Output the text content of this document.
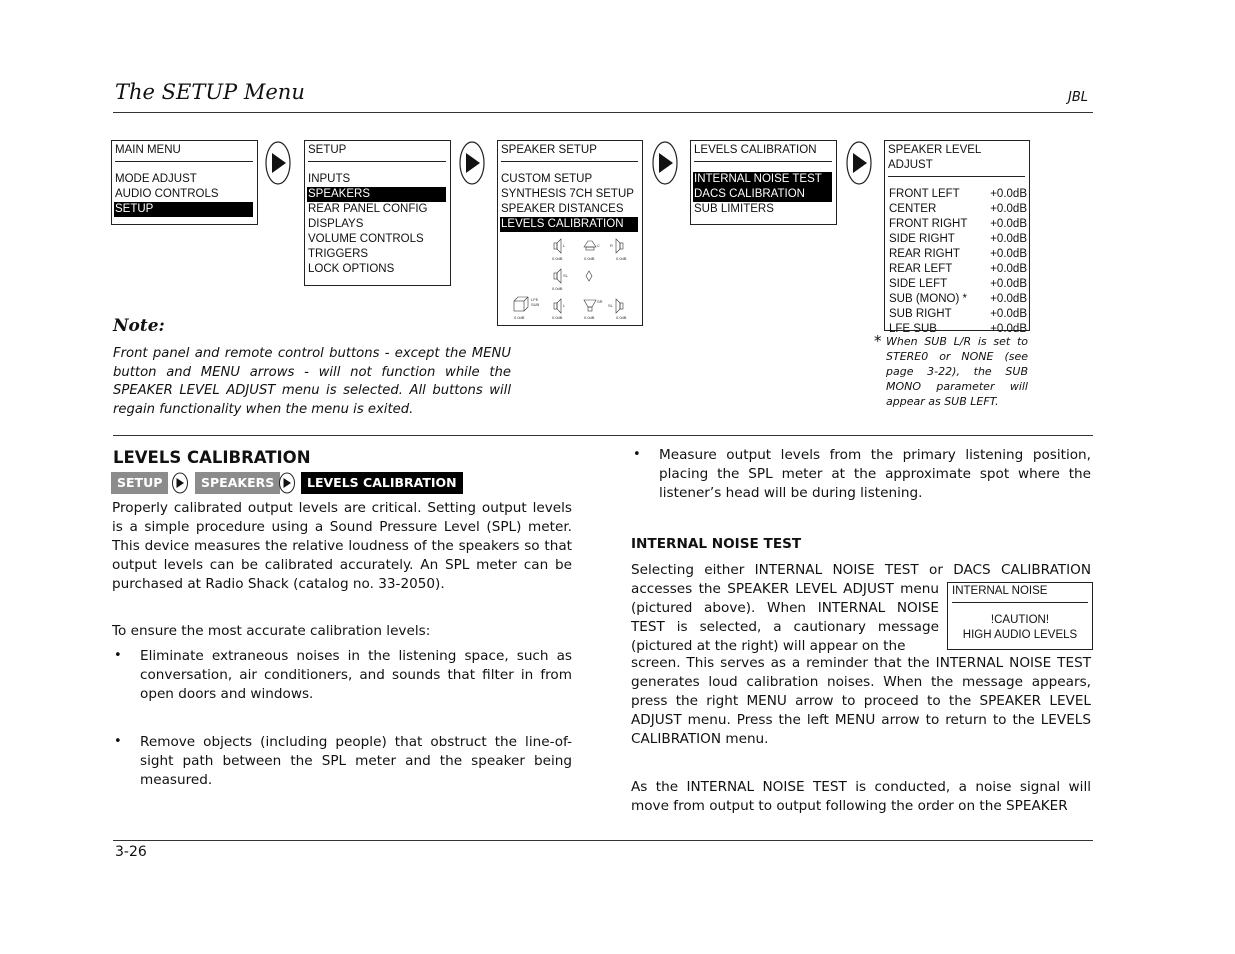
The SETUP Menu	JBL
MAIN MENU
MODE ADJUST
AUDIO CONTROLS
SETUP
SETUP
INPUTS
SPEAKERS
REAR PANEL CONFIG
DISPLAYS
VOLUME CONTROLS
TRIGGERS
LOCK OPTIONS
SPEAKER SETUP
CUSTOM SETUP
SYNTHESIS 7CH SETUP
SPEAKER DISTANCES
LEVELS CALIBRATION
L
0.0dB
C
0.0dB
R
0.0dB
SL
0.0dB
LFE
SUB
0.0dB
L
0.0dB
SR
0.0dB
SL
0.0dB
LEVELS CALIBRATION
INTERNAL NOISE TEST
DACS CALIBRATION
SUB LIMITERS
SPEAKER LEVEL ADJUST
FRONT LEFT	+0.0dB
CENTER	+0.0dB
FRONT RIGHT +0.0dB
SIDE RIGHT	+0.0dB
REAR RIGHT	+0.0dB
REAR LEFT	+0.0dB
SIDE LEFT	+0.0dB
SUB (MONO) * +0.0dB
SUB RIGHT	+0.0dB
LFE SUB	+0.0dB
Note:
Front panel and remote control buttons - except the MENU button and MENU arrows - will not function while the SPEAKER LEVEL ADJUST menu is selected. All buttons will regain functionality when the menu is exited.
* When SUB L/R is set to STERE0 or NONE (see page 3-22), the SUB MONO parameter will appear as SUB LEFT.
LEVELS CALIBRATION
SETUP	SPEAKERS	LEVELS CALIBRATION
Properly calibrated output levels are critical. Setting output levels is a simple procedure using a Sound Pressure Level (SPL) meter. This device measures the relative loudness of the speakers so that output levels can be calibrated accurately. An SPL meter can be purchased at Radio Shack (catalog no. 33-2050).
To ensure the most accurate calibration levels:
• Eliminate extraneous noises in the listening space, such as conversation, air conditioners, and sounds that filter in from open doors and windows.
• Remove objects (including people) that obstruct the line-of-sight path between the SPL meter and the speaker being measured.
• Measure output levels from the primary listening position, placing the SPL meter at the approximate spot where the listener’s head will be during listening.
INTERNAL NOISE TEST
Selecting either INTERNAL NOISE TEST or DACS CALIBRATION
accesses the SPEAKER LEVEL ADJUST menu (pictured above). When INTERNAL NOISE TEST is selected, a cautionary message (pictured at the right) will appear on the
screen. This serves as a reminder that the INTERNAL NOISE TEST generates loud calibration noises. When the message appears, press the right MENU arrow to proceed to the SPEAKER LEVEL ADJUST menu. Press the left MENU arrow to return to the LEVELS CALIBRATION menu.
INTERNAL NOISE
!CAUTION!
HIGH AUDIO LEVELS
As the INTERNAL NOISE TEST is conducted, a noise signal will move from output to output following the order on the SPEAKER
3-26
